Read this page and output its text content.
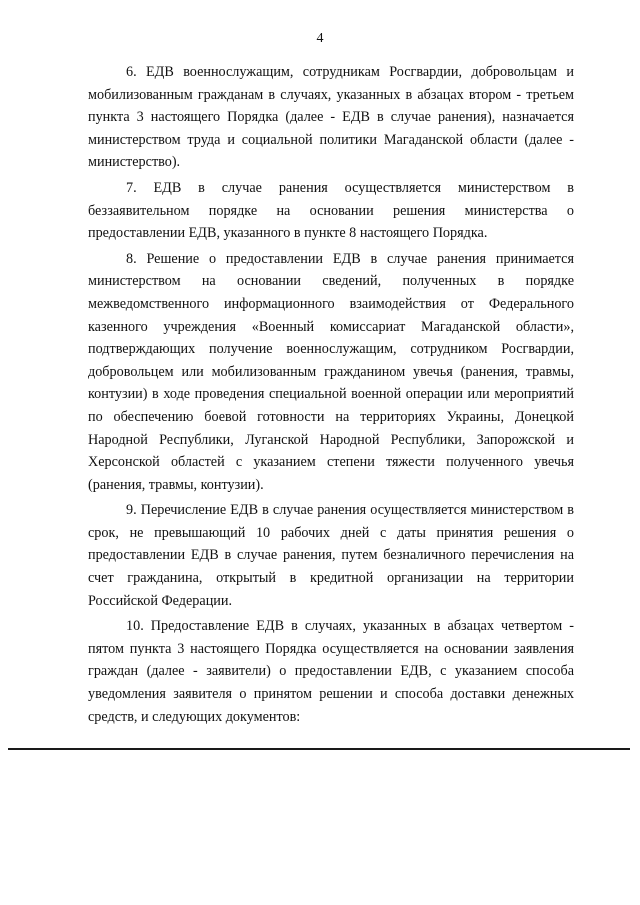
4

6. ЕДВ военнослужащим, сотрудникам Росгвардии, добровольцам и мобилизованным гражданам в случаях, указанных в абзацах втором - третьем пункта 3 настоящего Порядка (далее - ЕДВ в случае ранения), назначается министерством труда и социальной политики Магаданской области (далее - министерство).

7. ЕДВ в случае ранения осуществляется министерством в беззаявительном порядке на основании решения министерства о предоставлении ЕДВ, указанного в пункте 8 настоящего Порядка.

8. Решение о предоставлении ЕДВ в случае ранения принимается министерством на основании сведений, полученных в порядке межведомственного информационного взаимодействия от Федерального казенного учреждения «Военный комиссариат Магаданской области», подтверждающих получение военнослужащим, сотрудником Росгвардии, добровольцем или мобилизованным гражданином увечья (ранения, травмы, контузии) в ходе проведения специальной военной операции или мероприятий по обеспечению боевой готовности на территориях Украины, Донецкой Народной Республики, Луганской Народной Республики, Запорожской и Херсонской областей с указанием степени тяжести полученного увечья (ранения, травмы, контузии).

9. Перечисление ЕДВ в случае ранения осуществляется министерством в срок, не превышающий 10 рабочих дней с даты принятия решения о предоставлении ЕДВ в случае ранения, путем безналичного перечисления на счет гражданина, открытый в кредитной организации на территории Российской Федерации.

10. Предоставление ЕДВ в случаях, указанных в абзацах четвертом - пятом пункта 3 настоящего Порядка осуществляется на основании заявления граждан (далее - заявители) о предоставлении ЕДВ, с указанием способа уведомления заявителя о принятом решении и способа доставки денежных средств, и следующих документов:
